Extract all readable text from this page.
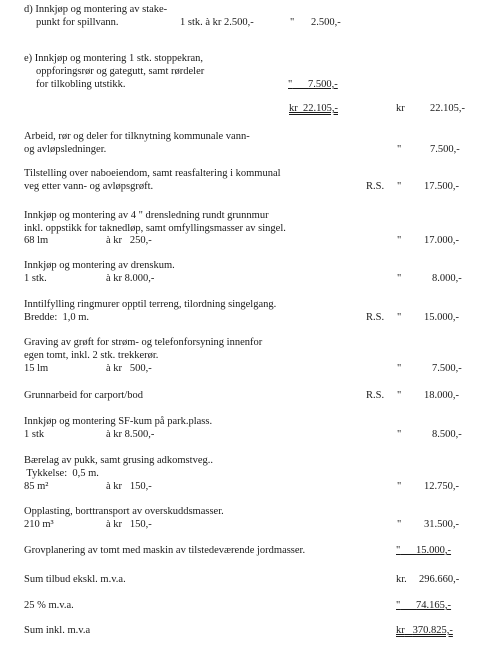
d) Innkjøp og montering av stake-
punkt for spillvann.	1 stk. à kr 2.500,-	" 2.500,-
e) Innkjøp og montering 1 stk. stoppekran,
oppforingsrør og gategutt, samt rørdeler
for tilkobling utstikk.	" 7.500,-
kr  22.105,-	kr 22.105,-
Arbeid, rør og deler for tilknytning kommunale vann-
og avløpsledninger.	"	7.500,-
Tilstelling over naboeiendom, samt reasfaltering i kommunal
veg etter vann- og avløpsgrøft.	R.S. " 17.500,-
Innkjøp og montering av 4 " drensledning rundt grunnmur
inkl. oppstikk for taknedløp, samt omfyllingsmasser av singel.
68 lm	à kr   250,-	" 17.000,-
Innkjøp og montering av drenskum.
1 stk.	à kr 8.000,-	"	8.000,-
Inntilfylling ringmurer opptil terreng, tilordning singelgang.
Bredde:  1,0 m.	R.S. " 15.000,-
Graving av grøft for strøm- og telefonforsyning innenfor
egen tomt, inkl. 2 stk. trekkerør.
15 lm	à kr   500,-	"	7.500,-
Grunnarbeid for carport/bod	R.S. " 18.000,-
Innkjøp og montering SF-kum på park.plass.
1 stk	à kr 8.500,-	"	8.500,-
Bærelag av pukk, samt grusing adkomstveg..
Tykkelse:  0,5 m.
85 m²	à kr   150,-	" 12.750,-
Opplasting, borttransport av overskuddsmasser.
210 m³	à kr   150,-	" 31.500,-
Grovplanering av tomt med maskin av tilstedeværende jordmasser.	" 15.000,-
Sum tilbud ekskl. m.v.a.	kr. 296.660,-
25 % m.v.a.	" 74.165,-
Sum inkl. m.v.a	kr 370.825,-
